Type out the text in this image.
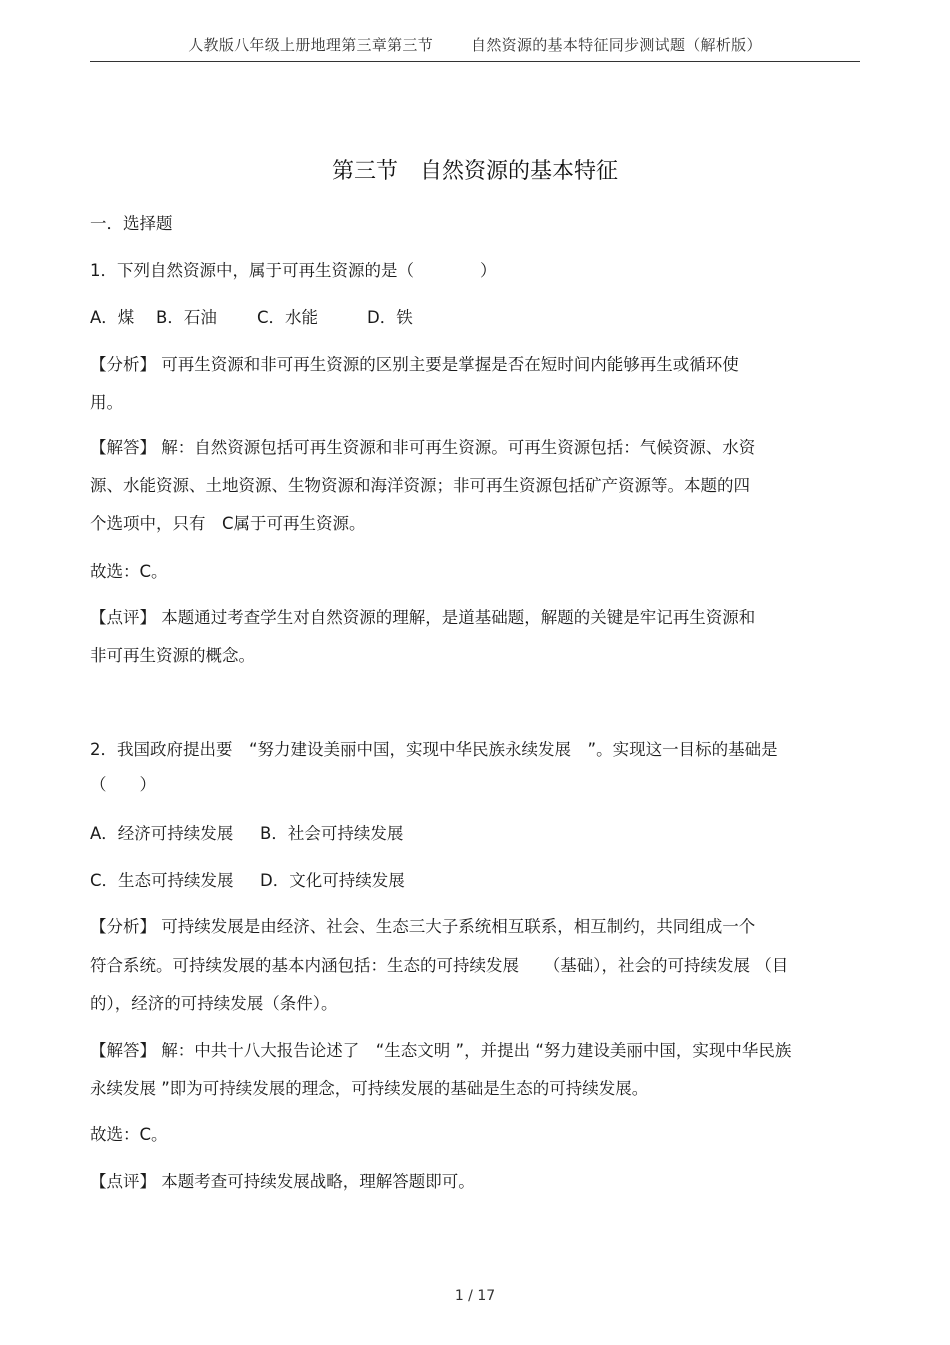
人教版八年级上册地理第三章第三节	自然资源的基本特征同步测试题（解析版）
第三节 自然资源的基本特征
一．选择题
1．下列自然资源中，属于可再生资源的是（　　　　）
A．煤 B．石油 C．水能	D．铁
【分析】 可再生资源和非可再生资源的区别主要是掌握是否在短时间内能够再生或循环使
用。
【解答】 解：自然资源包括可再生资源和非可再生资源。可再生资源包括：气候资源、水资
源、水能资源、土地资源、生物资源和海洋资源；非可再生资源包括矿产资源等。本题的四
个选项中，只有　C属于可再生资源。
故选：C。
【点评】 本题通过考查学生对自然资源的理解，是道基础题，解题的关键是牢记再生资源和
非可再生资源的概念。
2．我国政府提出要　“努力建设美丽中国，实现中华民族永续发展　”。实现这一目标的基础是
（　　）
A．经济可持续发展 B．社会可持续发展
C．生态可持续发展 D．文化可持续发展
【分析】 可持续发展是由经济、社会、生态三大子系统相互联系，相互制约，共同组成一个
符合系统。可持续发展的基本内涵包括：生态的可持续发展　　（基础），社会的可持续发展 （目
的），经济的可持续发展（条件）。
【解答】 解：中共十八大报告论述了　“生态文明 ”，并提出 “努力建设美丽中国，实现中华民族
永续发展 ”即为可持续发展的理念，可持续发展的基础是生态的可持续发展。
故选：C。
【点评】 本题考查可持续发展战略，理解答题即可。
1 / 17
